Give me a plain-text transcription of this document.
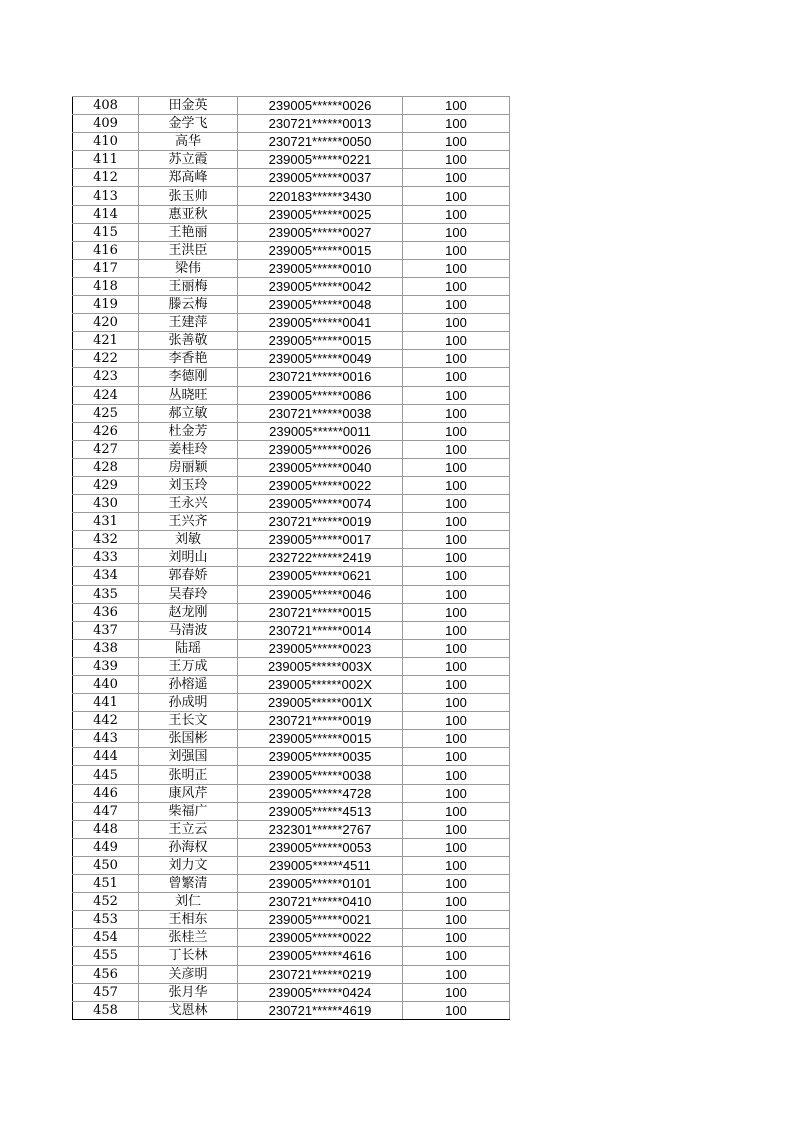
408	田金英	239005******0026	100
409	金学飞	230721******0013	100
410	高华	230721******0050	100
411	苏立霞	239005******0221	100
412	郑高峰	239005******0037	100
413	张玉帅	220183******3430	100
414	惠亚秋	239005******0025	100
415	王艳丽	239005******0027	100
416	王洪臣	239005******0015	100
417	梁伟	239005******0010	100
418	王丽梅	239005******0042	100
419	滕云梅	239005******0048	100
420	王建萍	239005******0041	100
421	张善敬	239005******0015	100
422	李香艳	239005******0049	100
423	李德刚	230721******0016	100
424	丛晓旺	239005******0086	100
425	郝立敏	230721******0038	100
426	杜金芳	239005******0011	100
427	姜桂玲	239005******0026	100
428	房丽颖	239005******0040	100
429	刘玉玲	239005******0022	100
430	王永兴	239005******0074	100
431	王兴齐	230721******0019	100
432	刘敏	239005******0017	100
433	刘明山	232722******2419	100
434	郭春娇	239005******0621	100
435	吴春玲	239005******0046	100
436	赵龙刚	230721******0015	100
437	马清波	230721******0014	100
438	陆瑶	239005******0023	100
439	王万成	239005******003X	100
440	孙榕遥	239005******002X	100
441	孙成明	239005******001X	100
442	王长文	230721******0019	100
443	张国彬	239005******0015	100
444	刘强国	239005******0035	100
445	张明正	239005******0038	100
446	康风芹	239005******4728	100
447	柴福广	239005******4513	100
448	王立云	232301******2767	100
449	孙海权	239005******0053	100
450	刘力文	239005******4511	100
451	曾繁清	239005******0101	100
452	刘仁	230721******0410	100
453	王相东	239005******0021	100
454	张桂兰	239005******0022	100
455	丁长林	239005******4616	100
456	关彦明	230721******0219	100
457	张月华	239005******0424	100
458	戈恩林	230721******4619	100
